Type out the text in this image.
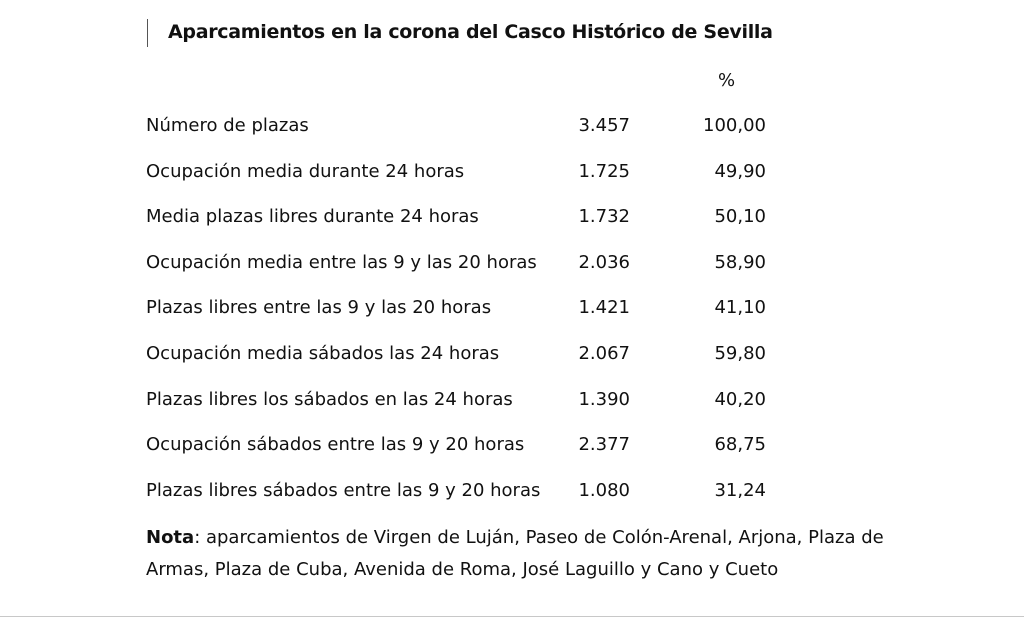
Aparcamientos en la corona del Casco Histórico de Sevilla
%
Número de plazas	3.457	100,00
Ocupación media durante 24 horas	1.725	49,90
Media plazas libres durante 24 horas	1.732	50,10
Ocupación media entre las 9 y las 20 horas	2.036	58,90
Plazas libres entre las 9 y las 20 horas	1.421	41,10
Ocupación media sábados las 24 horas	2.067	59,80
Plazas libres los sábados en las 24 horas	1.390	40,20
Ocupación sábados entre las 9 y 20 horas	2.377	68,75
Plazas libres sábados entre las 9 y 20 horas	1.080	31,24
Nota: aparcamientos de Virgen de Luján, Paseo de Colón-Arenal, Arjona, Plaza de Armas, Plaza de Cuba, Avenida de Roma, José Laguillo y Cano y Cueto
